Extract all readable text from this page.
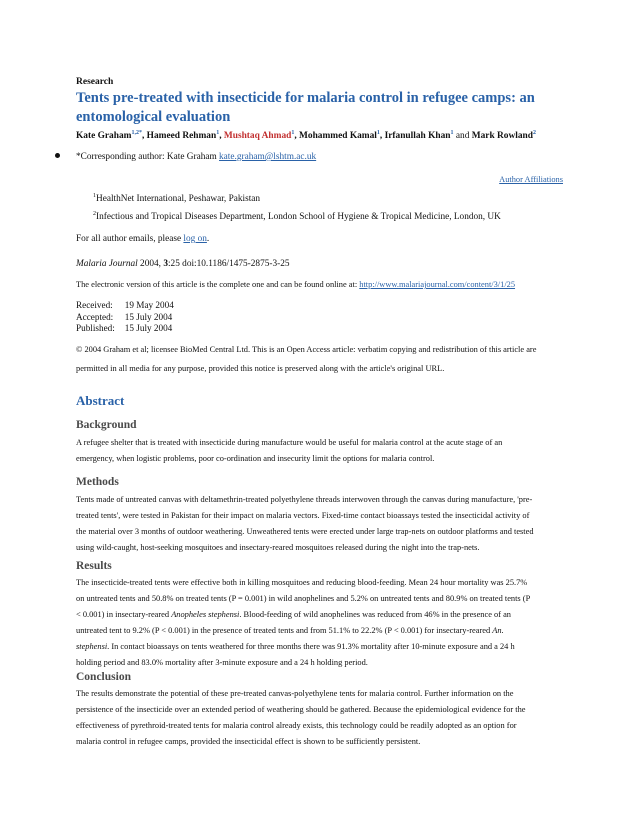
Research
Tents pre-treated with insecticide for malaria control in refugee camps: an entomological evaluation
Kate Graham$^{1,2*}$, Hameed Rehman$^1$, Mushtaq Ahmad$^1$, Mohammed Kamal$^1$, Irfanullah Khan$^1$ and Mark Rowland$^2$
*Corresponding author: Kate Graham kate.graham@lshtm.ac.uk
Author Affiliations
$^1$HealthNet International, Peshawar, Pakistan
$^2$Infectious and Tropical Diseases Department, London School of Hygiene & Tropical Medicine, London, UK
For all author emails, please log on.
Malaria Journal 2004, 3:25 doi:10.1186/1475-2875-3-25
The electronic version of this article is the complete one and can be found online at: http://www.malariajournal.com/content/3/1/25
Received:	19 May 2004
Accepted:	15 July 2004
Published:	15 July 2004
© 2004 Graham et al; licensee BioMed Central Ltd. This is an Open Access article: verbatim copying and redistribution of this article are
permitted in all media for any purpose, provided this notice is preserved along with the article's original URL.
Abstract
Background
A refugee shelter that is treated with insecticide during manufacture would be useful for malaria control at the acute stage of an
emergency, when logistic problems, poor co-ordination and insecurity limit the options for malaria control.
Methods
Tents made of untreated canvas with deltamethrin-treated polyethylene threads interwoven through the canvas during manufacture, 'pre-
treated tents', were tested in Pakistan for their impact on malaria vectors. Fixed-time contact bioassays tested the insecticidal activity of
the material over 3 months of outdoor weathering. Unweathered tents were erected under large trap-nets on outdoor platforms and tested
using wild-caught, host-seeking mosquitoes and insectary-reared mosquitoes released during the night into the trap-nets.
Results
The insecticide-treated tents were effective both in killing mosquitoes and reducing blood-feeding. Mean 24 hour mortality was 25.7%
on untreated tents and 50.8% on treated tents (P = 0.001) in wild anophelines and 5.2% on untreated tents and 80.9% on treated tents (P
< 0.001) in insectary-reared Anopheles stephensi. Blood-feeding of wild anophelines was reduced from 46% in the presence of an
untreated tent to 9.2% (P < 0.001) in the presence of treated tents and from 51.1% to 22.2% (P < 0.001) for insectary-reared An.
stephensi. In contact bioassays on tents weathered for three months there was 91.3% mortality after 10-minute exposure and a 24 h
holding period and 83.0% mortality after 3-minute exposure and a 24 h holding period.
Conclusion
The results demonstrate the potential of these pre-treated canvas-polyethylene tents for malaria control. Further information on the
persistence of the insecticide over an extended period of weathering should be gathered. Because the epidemiological evidence for the
effectiveness of pyrethroid-treated tents for malaria control already exists, this technology could be readily adopted as an option for
malaria control in refugee camps, provided the insecticidal effect is shown to be sufficiently persistent.
